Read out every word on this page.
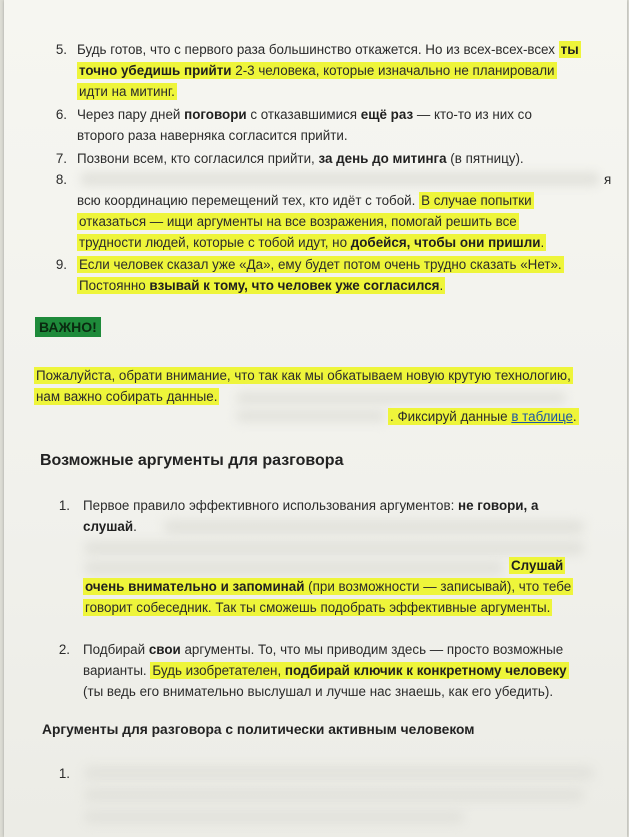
5. Будь готов, что с первого раза большинство откажется. Но из всех-всех-всех ты
точно убедишь прийти 2-3 человека, которые изначально не планировали
идти на митинг.
6. Через пару дней поговори с отказавшимися ещё раз — кто-то из них со
второго раза наверняка согласится прийти.
7. Позвони всем, кто согласился прийти, за день до митинга (в пятницу).
8.	я
всю координацию перемещений тех, кто идёт с тобой. В случае попытки
отказаться — ищи аргументы на все возражения, помогай решить все
трудности людей, которые с тобой идут, но добейся, чтобы они пришли.
9. Если человек сказал уже «Да», ему будет потом очень трудно сказать «Нет».
Постоянно взывай к тому, что человек уже согласился.
ВАЖНО!
Пожалуйста, обрати внимание, что так как мы обкатываем новую крутую технологию,
нам важно собирать данные.
. Фиксируй данные в таблице.
Возможные аргументы для разговора
1. Первое правило эффективного использования аргументов: не говори, а
слушай.
Слушай
очень внимательно и запоминай (при возможности — записывай), что тебе
говорит собеседник. Так ты сможешь подобрать эффективные аргументы.
2. Подбирай свои аргументы. То, что мы приводим здесь — просто возможные
варианты. Будь изобретателен, подбирай ключик к конкретному человеку
(ты ведь его внимательно выслушал и лучше нас знаешь, как его убедить).
Аргументы для разговора с политически активным человеком
1.
